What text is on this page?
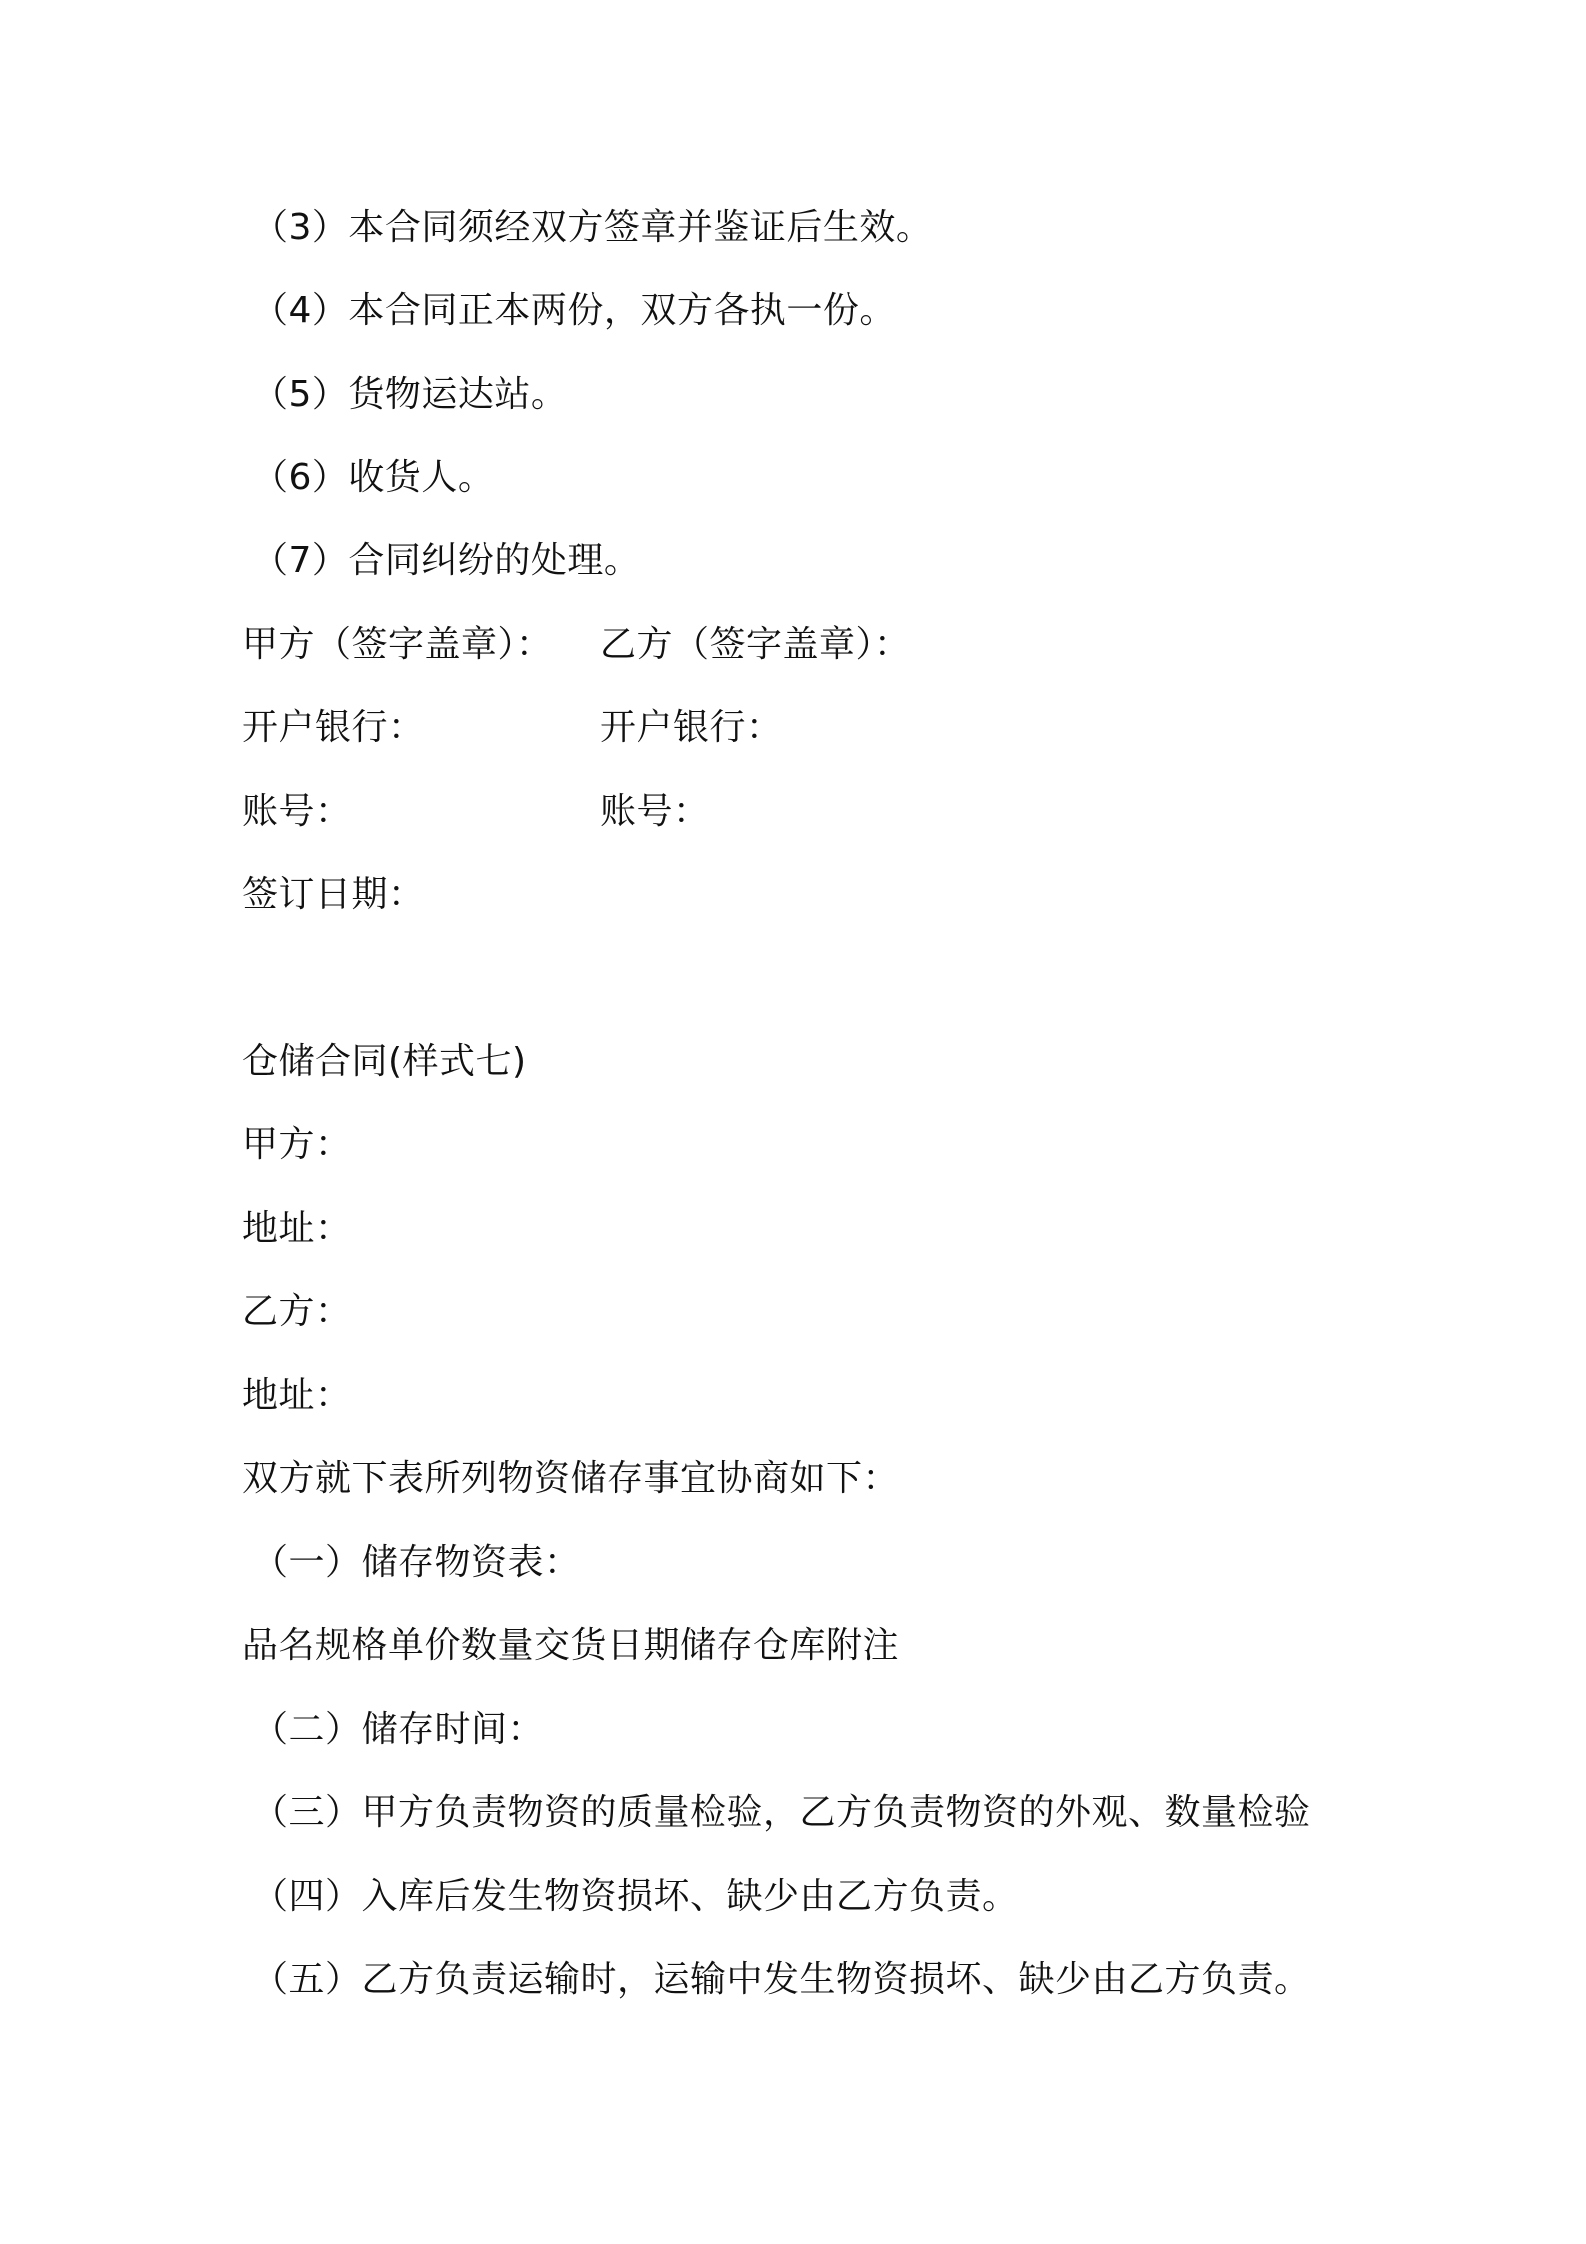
（3）本合同须经双方签章并鉴证后生效。
（4）本合同正本两份，双方各执一份。
（5）货物运达站。
（6）收货人。
（7）合同纠纷的处理。
甲方（签字盖章）： 乙方（签字盖章）：
开户银行：	开户银行：
账号：	账号：
签订日期：
仓储合同(样式七)
甲方：
地址：
乙方：
地址：
双方就下表所列物资储存事宜协商如下：
（一）储存物资表：
品名规格单价数量交货日期储存仓库附注
（二）储存时间：
（三）甲方负责物资的质量检验，乙方负责物资的外观、数量检验
（四）入库后发生物资损坏、缺少由乙方负责。
（五）乙方负责运输时，运输中发生物资损坏、缺少由乙方负责。
